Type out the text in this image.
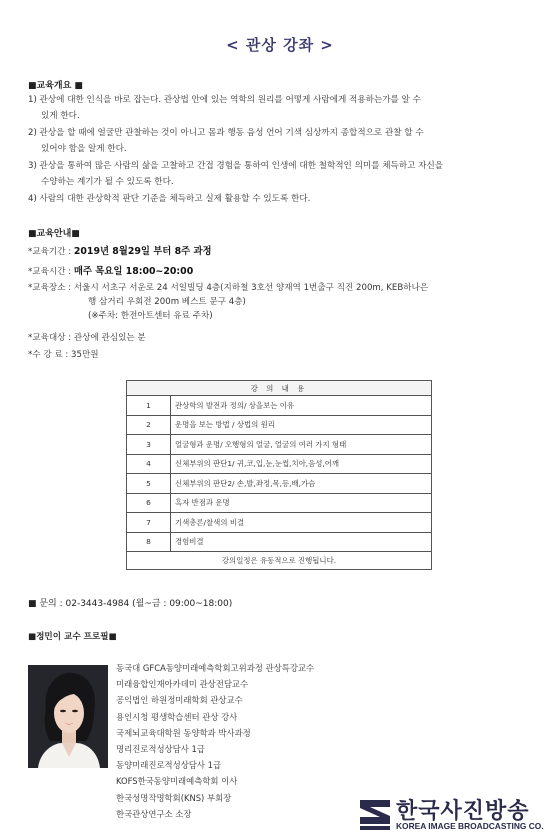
< 관상 강좌 >
■교육개요 ■
1) 관상에 대한 인식을 바로 잡는다. 관상법 안에 있는 역학의 원리를 어떻게 사람에게 적용하는가를 알 수
있게 한다.
2) 관상을 할 때에 얼굴만 관찰하는 것이 아니고 몸과 행동 음성 언어 기색 심상까지 종합적으로 관찰 할 수
있어야 함을 알게 한다.
3) 관상을 통하여 많은 사람의 삶을 고찰하고 간접 경험을 통하여 인생에 대한 철학적인 의미를 체득하고 자신을
수양하는 계기가 될 수 있도록 한다.
4) 사람의 대한 관상학적 판단 기준을 체득하고 실제 활용할 수 있도록 한다.
■교육안내■
*교육기간 : 2019년 8월29일 부터 8주 과정
*교육시간 : 매주 목요일 18:00~20:00
*교육장소 : 서울시 서초구 서운로 24 서일빌딩 4층(지하철 3호선 양재역 1번출구 직진 200m, KEB하나은
행 삼거리 우회전 200m 베스트 문구 4층)
(※주차: 한전아트센터 유료 주차)
*교육대상 : 관상에 관심있는 분
*수 강 료 : 35만원
강 의 내 용	
1	관상학의 발전과 정의/ 상을보는 이유
2	운명을 보는 방법 / 상법의 원리
3	얼굴형과 운명/ 오행형의 얼굴, 얼굴의 여러 가지 형태
4	신체부위의 판단1/ 귀,코,입,눈,눈썹,치아,음성,어깨
5	신체부위의 판단2/ 손,발,좌정,목,등,배,가슴
6	흑자 반점과 운명
7	기색총론/찰색의 비결
8	경험비결
강의일정은 유동적으로 진행됩니다.	
■ 문의 : 02-3443-4984 (월~금 : 09:00~18:00)
■정민이 교수 프로필■
동국대 GFCA동양미래예측학회고위과정 관상특강교수
미래융합인재아카데미 관상전담교수
공익법인 하원정미래학회 관상교수
용인시청 평생학습센터 관상 강사
국제뇌교육대학원 동양학과 박사과정
명리진로적성상담사 1급
동양미래진로적성상담사 1급
KOFS한국동양미래예측학회 이사
한국성명작명학회(KNS) 부회장
한국관상연구소 소장	한국사진방송
KOREA IMAGE BROADCASTING CO.
